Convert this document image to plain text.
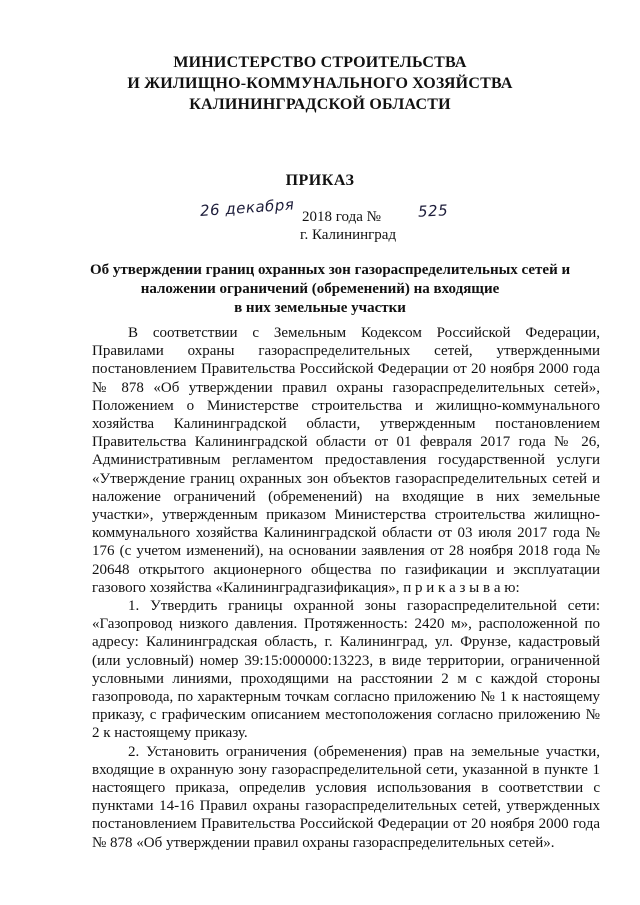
МИНИСТЕРСТВО СТРОИТЕЛЬСТВА
И ЖИЛИЩНО-КОММУНАЛЬНОГО ХОЗЯЙСТВА
КАЛИНИНГРАДСКОЙ ОБЛАСТИ
ПРИКАЗ
26 декабря 2018 года № 525
г. Калининград
Об утверждении границ охранных зон газораспределительных сетей и
наложении ограничений (обременений) на входящие
в них земельные участки

В соответствии с Земельным Кодексом Российской Федерации, Правилами охраны газораспределительных сетей, утвержденными постановлением Правительства Российской Федерации от 20 ноября 2000 года № 878 «Об утверждении правил охраны газораспределительных сетей», Положением о Министерстве строительства и жилищно-коммунального хозяйства Калининградской области, утвержденным постановлением Правительства Калининградской области от 01 февраля 2017 года № 26, Административным регламентом предоставления государственной услуги «Утверждение границ охранных зон объектов газораспределительных сетей и наложение ограничений (обременений) на входящие в них земельные участки», утвержденным приказом Министерства строительства жилищно-коммунального хозяйства Калининградской области от 03 июля 2017 года № 176 (с учетом изменений), на основании заявления от 28 ноября 2018 года № 20648 открытого акционерного общества по газификации и эксплуатации газового хозяйства «Калининградгазификация», п р и к а з ы в а ю:

1. Утвердить границы охранной зоны газораспределительной сети: «Газопровод низкого давления. Протяженность: 2420 м», расположенной по адресу: Калининградская область, г. Калининград, ул. Фрунзе, кадастровый (или условный) номер 39:15:000000:13223, в виде территории, ограниченной условными линиями, проходящими на расстоянии 2 м с каждой стороны газопровода, по характерным точкам согласно приложению № 1 к настоящему приказу, с графическим описанием местоположения согласно приложению № 2 к настоящему приказу.

2. Установить ограничения (обременения) прав на земельные участки, входящие в охранную зону газораспределительной сети, указанной в пункте 1 настоящего приказа, определив условия использования в соответствии с пунктами 14-16 Правил охраны газораспределительных сетей, утвержденных постановлением Правительства Российской Федерации от 20 ноября 2000 года № 878 «Об утверждении правил охраны газораспределительных сетей».
